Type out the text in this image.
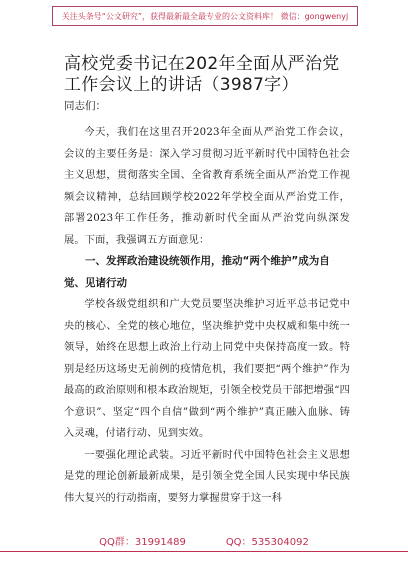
关注头条号“公文研究”，获得最新最全最专业的公文资料库！ 微信：gongwenyj
高校党委书记在202年全面从严治党工作会议上的讲话（3987字）

同志们：

今天，我们在这里召开2023年全面从严治党工作会议，会议的主要任务是：深入学习贯彻习近平新时代中国特色社会主义思想，贯彻落实全国、全省教育系统全面从严治党工作视频会议精神，总结回顾学校2022年学校全面从严治党工作，部署2023年工作任务，推动新时代全面从严治党向纵深发展。下面，我强调五方面意见：

一、发挥政治建设统领作用，推动“两个维护”成为自觉、见诸行动

学校各级党组织和广大党员要坚决维护习近平总书记党中央的核心、全党的核心地位，坚决维护党中央权威和集中统一领导，始终在思想上政治上行动上同党中央保持高度一致。特别是经历这场史无前例的疫情危机，我们要把“两个维护”作为最高的政治原则和根本政治规矩，引领全校党员干部把增强“四个意识”、坚定“四个自信”做到“两个维护”真正融入血脉、铸入灵魂，付诸行动、见到实效。

一要强化理论武装。习近平新时代中国特色社会主义思想是党的理论创新最新成果，是引领全党全国人民实现中华民族伟大复兴的行动指南，要努力掌握贯穿于这一科

QQ群：31991489	QQ：535304092
